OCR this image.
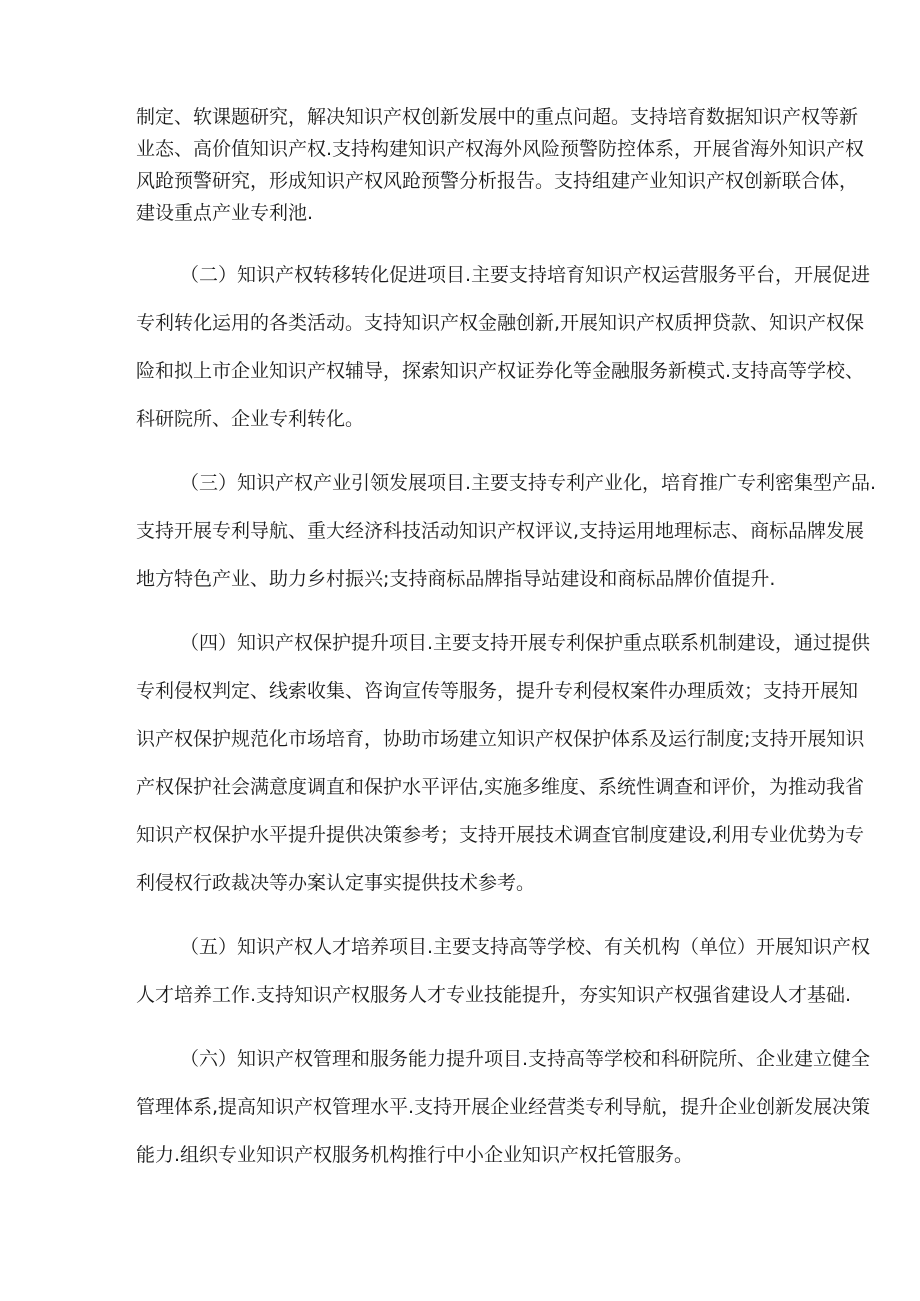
制定、软课题研究，解决知识产权创新发展中的重点问超。支持培育数据知识产权等新
业态、高价值知识产权.支持构建知识产权海外风险预警防控体系，开展省海外知识产权
风跄预警研究，形成知识产权风跄预警分析报告。支持组建产业知识产权创新联合体，
建设重点产业专利池.
（二）知识产权转移转化促进项目.主要支持培育知识产权运营服务平台，开展促进
专利转化运用的各类活动。支持知识产权金融创新,开展知识产权质押贷款、知识产权保
险和拟上市企业知识产权辅导，探索知识产权证券化等金融服务新模式.支持高等学校、
科研院所、企业专利转化。
（三）知识产权产业引领发展项目.主要支持专利产业化，培育推广专利密集型产品.
支持开展专利导航、重大经济科技活动知识产权评议,支持运用地理标志、商标品牌发展
地方特色产业、助力乡村振兴;支持商标品牌指导站建设和商标品牌价值提升.
（四）知识产权保护提升项目.主要支持开展专利保护重点联系机制建设，通过提供
专利侵权判定、线索收集、咨询宣传等服务，提升专利侵权案件办理质效；支持开展知
识产权保护规范化市场培育，协助市场建立知识产权保护体系及运行制度;支持开展知识
产权保护社会满意度调直和保护水平评估,实施多维度、系统性调查和评价，为推动我省
知识产权保护水平提升提供决策参考；支持开展技术调查官制度建设,利用专业优势为专
利侵权行政裁决等办案认定事实提供技术参考。
（五）知识产权人才培养项目.主要支持高等学校、有关机构（单位）开展知识产权
人才培养工作.支持知识产权服务人才专业技能提升，夯实知识产权强省建设人才基础.
（六）知识产权管理和服务能力提升项目.支持高等学校和科研院所、企业建立健全
管理体系,提高知识产权管理水平.支持开展企业经营类专利导航，提升企业创新发展决策
能力.组织专业知识产权服务机构推行中小企业知识产权托管服务。
